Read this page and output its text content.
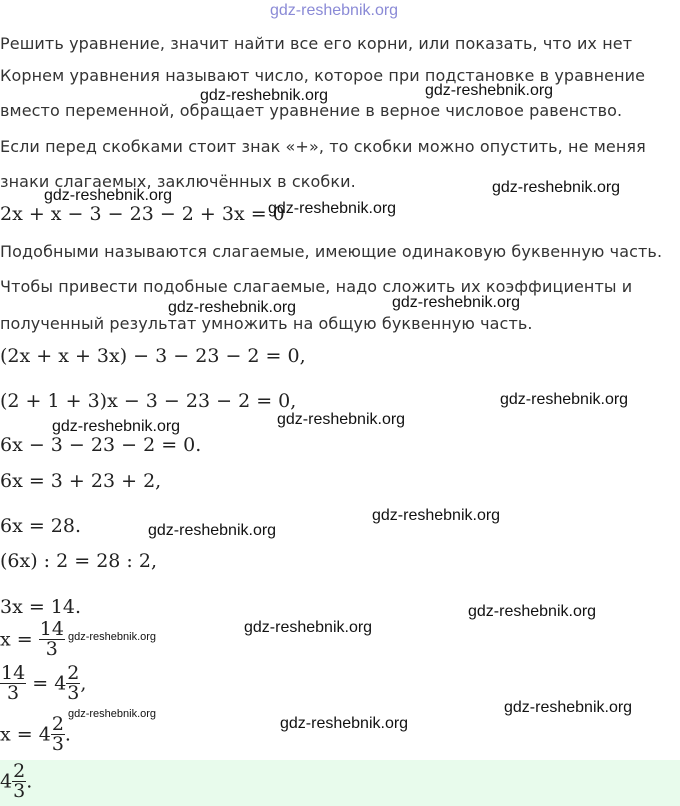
gdz-reshebnik.org
Решить уравнение, значит найти все его корни, или показать, что их нет
Корнем уравнения называют число, которое при подстановке в уравнение
вместо переменной, обращает уравнение в верное числовое равенство.
Если перед скобками стоит знак «+», то скобки можно опустить, не меняя
знаки слагаемых, заключённых в скобки.
2x + x − 3 − 23 − 2 + 3x = 0
Подобными называются слагаемые, имеющие одинаковую буквенную часть.
Чтобы привести подобные слагаемые, надо сложить их коэффициенты и
полученный результат умножить на общую буквенную часть.
(2x + x + 3x) − 3 − 23 − 2 = 0,
(2 + 1 + 3)x − 3 − 23 − 2 = 0,
6x − 3 − 23 − 2 = 0.
6x = 3 + 23 + 2,
6x = 28.
(6x) : 2 = 28 : 2,
3x = 14.
$x = \frac{14}{3}$
$\frac{14}{3} = 4 \frac{2}{3}$ ,
$x = 4 \frac{2}{3}$ .
$4 \frac{2}{3}$ .
gdz-reshebnik.org	gdz-reshebnik.org
gdz-reshebnik.org
gdz-reshebnik.org
gdz-reshebnik.org
gdz-reshebnik.org
gdz-reshebnik.org
gdz-reshebnik.org
gdz-reshebnik.org
gdz-reshebnik.org
gdz-reshebnik.org
gdz-reshebnik.org
gdz-reshebnik.org
gdz-reshebnik.org
gdz-reshebnik.org
gdz-reshebnik.org	gdz-reshebnik.org
gdz-reshebnik.org
